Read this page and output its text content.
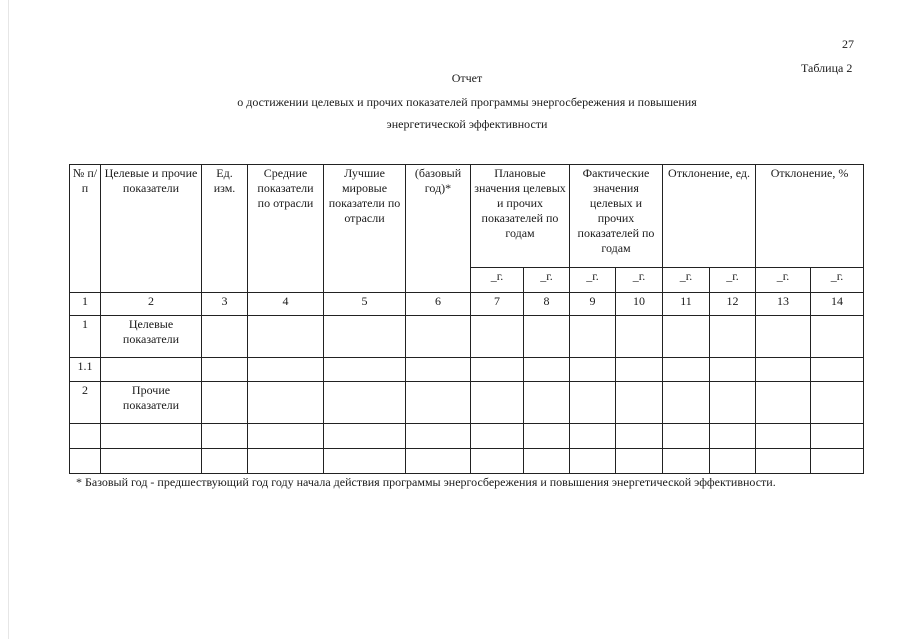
27
Таблица 2
Отчет
о достижении целевых и прочих показателей программы энергосбережения и повышения
энергетической эффективности
№ п/п	Целевые и прочие показатели	Ед. изм.	Средние показатели по отрасли	Лучшие мировые показатели по отрасли	(базовый год)*	Плановые значения целевых и прочих показателей по годам		Фактические значения целевых и прочих показателей по годам		Отклонение, ед.		Отклонение, %	
						_г.	_г.	_г.	_г.	_г.	_г.	_г.	_г.
1	2	3	4	5	6	7	8	9	10	11	12	13	14
1	Целевые показатели												
1.1													
2	Прочие показатели												

* Базовый год - предшествующий год году начала действия программы энергосбережения и повышения энергетической эффективности.
